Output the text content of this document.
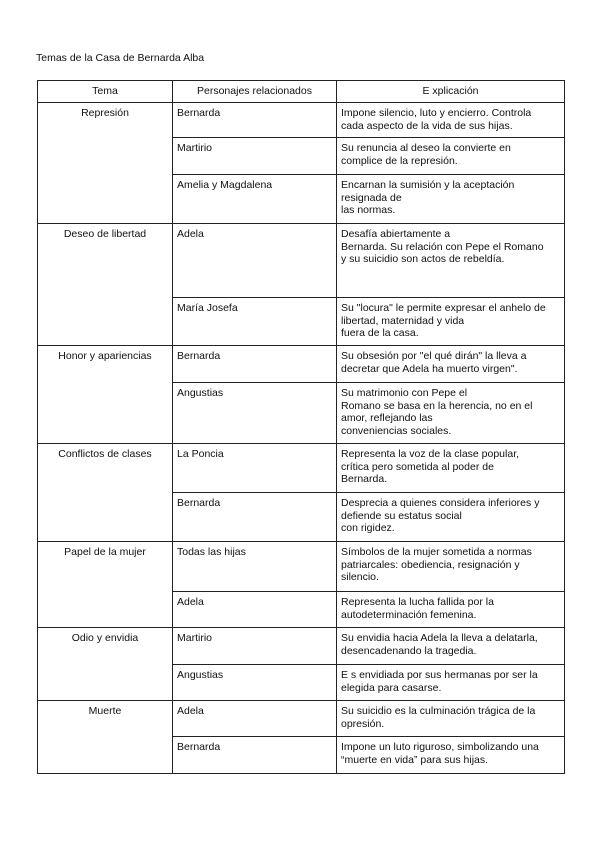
Temas de la Casa de Bernarda Alba
Tema	Personajes relacionados	E xplicación
Represión	Bernarda	Impone silencio, luto y encierro. Controla
cada aspecto de la vida de sus hijas.
	Martirio	Su renuncia al deseo la convierte en
complice de la represión.
	Amelia y Magdalena	Encarnan la sumisión y la aceptación
resignada de
las normas.
Deseo de libertad	Adela	Desafía abiertamente a
Bernarda. Su relación con Pepe el Romano
y su suicidio son actos de rebeldía.
	María Josefa	Su "locura" le permite expresar el anhelo de
libertad, maternidad y vida
fuera de la casa.
Honor y apariencias	Bernarda	Su obsesión por "el qué dirán" la lleva a
decretar que Adela ha muerto virgen".
	Angustias	Su matrimonio con Pepe el
Romano se basa en la herencia, no en el
amor, reflejando las
conveniencias sociales.
Conflictos de clases	La Poncia	Representa la voz de la clase popular,
crítica pero sometida al poder de
Bernarda.
	Bernarda	Desprecia a quienes considera inferiores y
defiende su estatus social
con rigidez.
Papel de la mujer	Todas las hijas	Símbolos de la mujer sometida a normas
patriarcales: obediencia, resignación y
silencio.
	Adela	Representa la lucha fallida por la
autodeterminación femenina.
Odio y envidia	Martirio	Su envidia hacia Adela la lleva a delatarla,
desencadenando la tragedia.
	Angustias	E s envidiada por sus hermanas por ser la
elegida para casarse.
Muerte	Adela	Su suicidio es la culminación trágica de la
opresión.
	Bernarda	Impone un luto riguroso, simbolizando una
“muerte en vida” para sus hijas.
